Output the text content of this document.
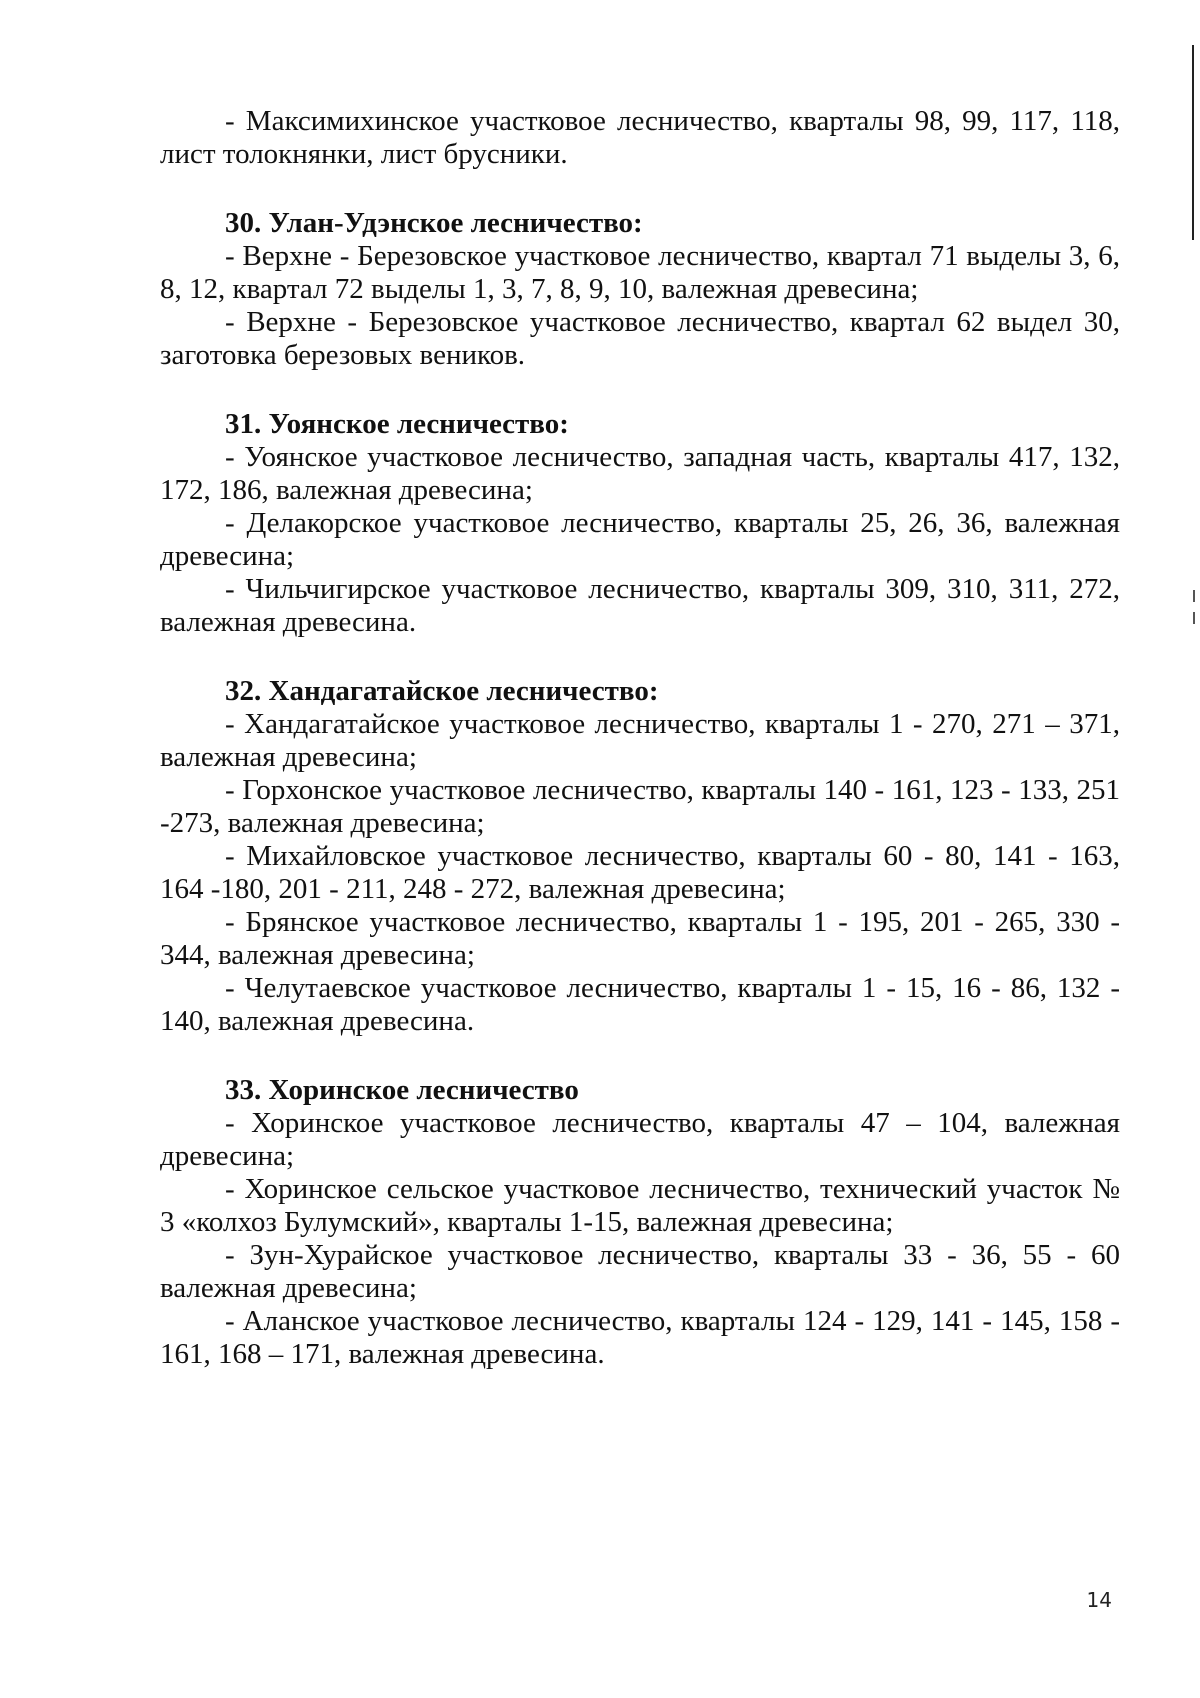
- Максимихинское участковое лесничество, кварталы 98, 99, 117, 118, лист толокнянки, лист брусники.

30. Улан-Удэнское лесничество:

- Верхне - Березовское участковое лесничество, квартал 71 выделы 3, 6, 8, 12, квартал 72 выделы 1, 3, 7, 8, 9, 10, валежная древесина;

- Верхне - Березовское участковое лесничество, квартал 62 выдел 30, заготовка березовых веников.

31. Уоянское лесничество:

- Уоянское участковое лесничество, западная часть, кварталы 417, 132, 172, 186, валежная древесина;

- Делакорское участковое лесничество, кварталы 25, 26, 36, валежная древесина;

- Чильчигирское участковое лесничество, кварталы 309, 310, 311, 272, валежная древесина.

32. Хандагатайское лесничество:

- Хандагатайское участковое лесничество, кварталы 1 - 270, 271 – 371, валежная древесина;

- Горхонское участковое лесничество, кварталы 140 - 161, 123 - 133, 251 -273, валежная древесина;

- Михайловское участковое лесничество, кварталы 60 - 80, 141 - 163, 164 -180, 201 - 211, 248 - 272, валежная древесина;

- Брянское участковое лесничество, кварталы 1 - 195, 201 - 265, 330 - 344, валежная древесина;

- Челутаевское участковое лесничество, кварталы 1 - 15, 16 - 86, 132 - 140, валежная древесина.

33. Хоринское лесничество

- Хоринское участковое лесничество, кварталы 47 – 104, валежная древесина;

- Хоринское сельское участковое лесничество, технический участок № 3 «колхоз Булумский», кварталы 1-15, валежная древесина;

- Зун-Хурайское участковое лесничество, кварталы 33 - 36, 55 - 60 валежная древесина;

- Аланское участковое лесничество, кварталы 124 - 129, 141 - 145, 158 - 161, 168 – 171, валежная древесина.

14
